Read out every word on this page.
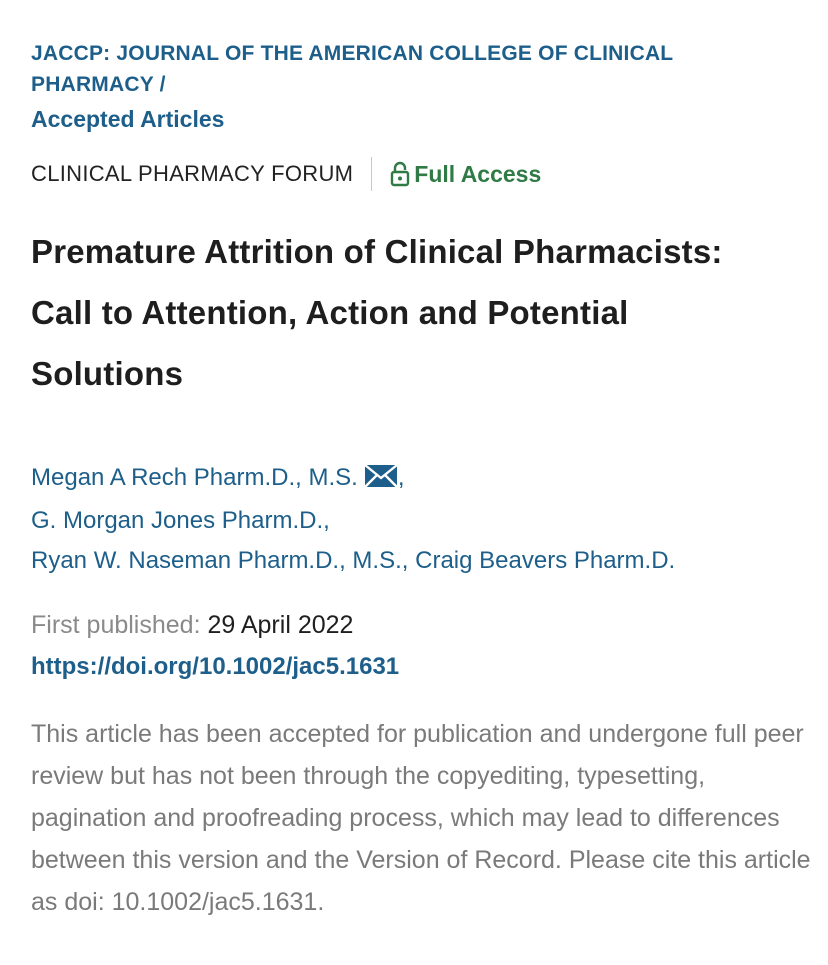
JACCP: JOURNAL OF THE AMERICAN COLLEGE OF CLINICAL
PHARMACY /
Accepted Articles
CLINICAL PHARMACY FORUM	Full Access
Premature Attrition of Clinical Pharmacists:
Call to Attention, Action and Potential
Solutions
Megan A Rech Pharm.D., M.S. ,
G. Morgan Jones Pharm.D.,
Ryan W. Naseman Pharm.D., M.S., Craig Beavers Pharm.D.
First published: 29 April 2022
https://doi.org/10.1002/jac5.1631

This article has been accepted for publication and undergone full peer review but has not been through the copyediting, typesetting, pagination and proofreading process, which may lead to differences between this version and the Version of Record. Please cite this article as doi: 10.1002/jac5.1631.
